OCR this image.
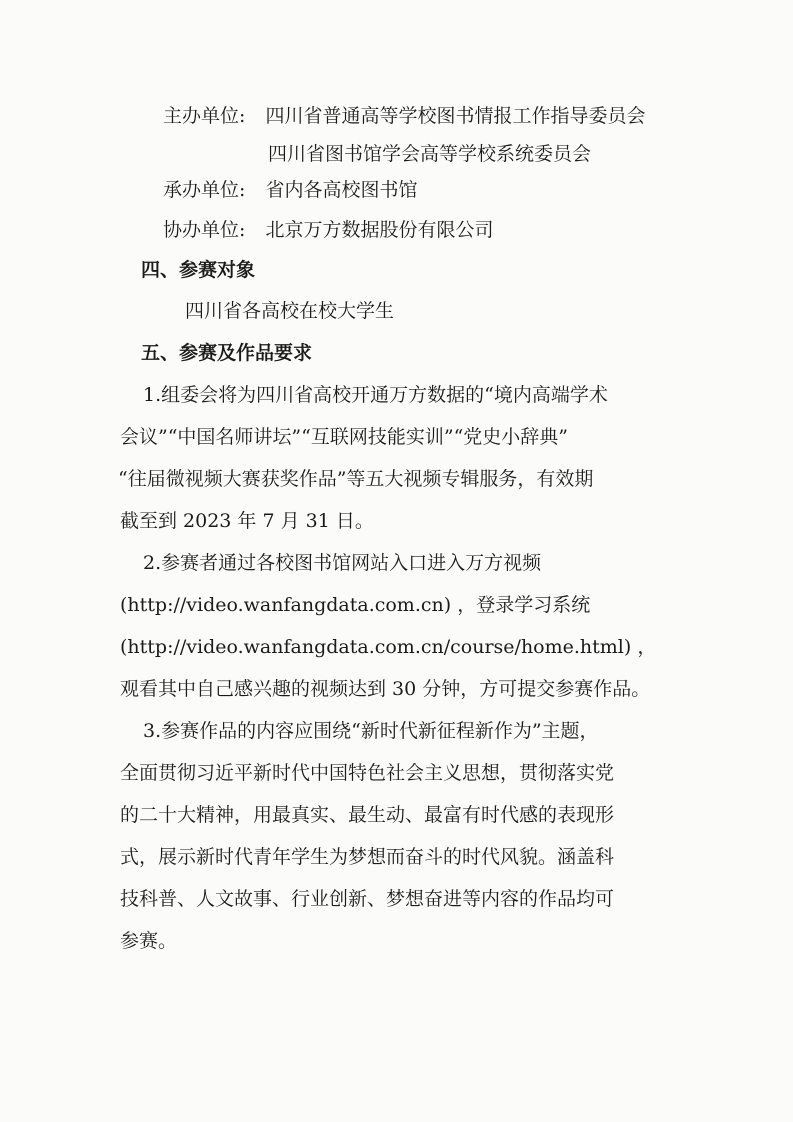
主办单位: 四川省普通高等学校图书情报工作指导委员会
四川省图书馆学会高等学校系统委员会
承办单位: 省内各高校图书馆
协办单位: 北京万方数据股份有限公司
四、参赛对象
四川省各高校在校大学生
五、参赛及作品要求
1.组委会将为四川省高校开通万方数据的“境内高端学术
会议”“中国名师讲坛”“互联网技能实训”“党史小辞典”
“往届微视频大赛获奖作品”等五大视频专辑服务，有效期
截至到 2023 年 7 月 31 日。
2.参赛者通过各校图书馆网站入口进入万方视频
(http://video.wanfangdata.com.cn) ，登录学习系统
(http://video.wanfangdata.com.cn/course/home.html) ，
观看其中自己感兴趣的视频达到 30 分钟，方可提交参赛作品。
3.参赛作品的内容应围绕“新时代新征程新作为”主题，
全面贯彻习近平新时代中国特色社会主义思想，贯彻落实党
的二十大精神，用最真实、最生动、最富有时代感的表现形
式，展示新时代青年学生为梦想而奋斗的时代风貌。涵盖科
技科普、人文故事、行业创新、梦想奋进等内容的作品均可
参赛。
